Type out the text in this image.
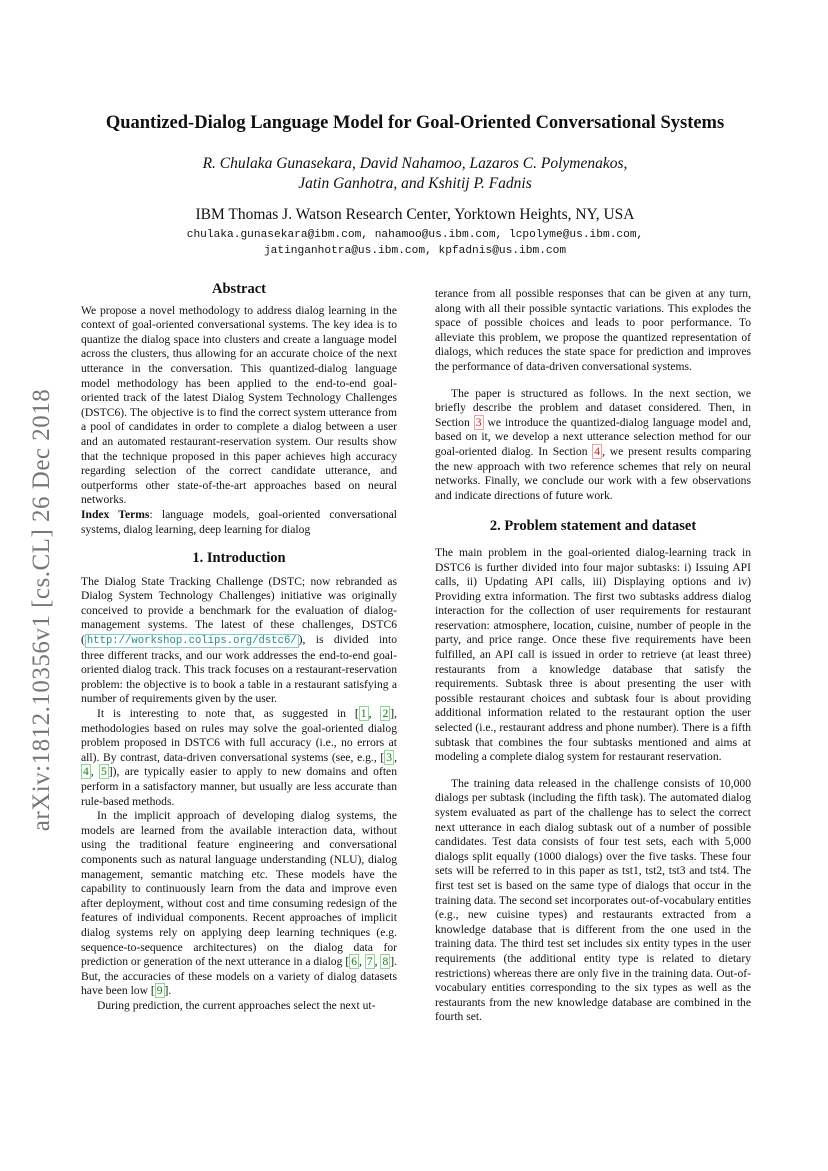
arXiv:1812.10356v1 [cs.CL] 26 Dec 2018
Quantized-Dialog Language Model for Goal-Oriented Conversational Systems
R. Chulaka Gunasekara, David Nahamoo, Lazaros C. Polymenakos,
Jatin Ganhotra, and Kshitij P. Fadnis
IBM Thomas J. Watson Research Center, Yorktown Heights, NY, USA
chulaka.gunasekara@ibm.com, nahamoo@us.ibm.com, lcpolyme@us.ibm.com,
jatinganhotra@us.ibm.com, kpfadnis@us.ibm.com
Abstract

We propose a novel methodology to address dialog learning in the context of goal-oriented conversational systems. The key idea is to quantize the dialog space into clusters and create a language model across the clusters, thus allowing for an accurate choice of the next utterance in the conversation. This quantized-dialog language model methodology has been applied to the end-to-end goal-oriented track of the latest Dialog System Technology Challenges (DSTC6). The objective is to find the correct system utterance from a pool of candidates in order to complete a dialog between a user and an automated restaurant-reservation system. Our results show that the technique proposed in this paper achieves high accuracy regarding selection of the correct candidate utterance, and outperforms other state-of-the-art approaches based on neural networks.

Index Terms: language models, goal-oriented conversational systems, dialog learning, deep learning for dialog

1. Introduction

The Dialog State Tracking Challenge (DSTC; now rebranded as Dialog System Technology Challenges) initiative was originally conceived to provide a benchmark for the evaluation of dialog-management systems. The latest of these challenges, DSTC6 ( http://workshop.colips.org/dstc6/ ), is divided into three different tracks, and our work addresses the end-to-end goal-oriented dialog track. This track focuses on a restaurant-reservation problem: the objective is to book a table in a restaurant satisfying a number of requirements given by the user.

It is interesting to note that, as suggested in [ 1 , 2 ], methodologies based on rules may solve the goal-oriented dialog problem proposed in DSTC6 with full accuracy (i.e., no errors at all). By contrast, data-driven conversational systems (see, e.g., [ 3 , 4 , 5 ]), are typically easier to apply to new domains and often perform in a satisfactory manner, but usually are less accurate than rule-based methods.

In the implicit approach of developing dialog systems, the models are learned from the available interaction data, without using the traditional feature engineering and conversational components such as natural language understanding (NLU), dialog management, semantic matching etc. These models have the capability to continuously learn from the data and improve even after deployment, without cost and time consuming redesign of the features of individual components. Recent approaches of implicit dialog systems rely on applying deep learning techniques (e.g. sequence-to-sequence architectures) on the dialog data for prediction or generation of the next utterance in a dialog [ 6 , 7 , 8 ]. But, the accuracies of these models on a variety of dialog datasets have been low [ 9 ].

During prediction, the current approaches select the next ut-

terance from all possible responses that can be given at any turn, along with all their possible syntactic variations. This explodes the space of possible choices and leads to poor performance. To alleviate this problem, we propose the quantized representation of dialogs, which reduces the state space for prediction and improves the performance of data-driven conversational systems.

The paper is structured as follows. In the next section, we briefly describe the problem and dataset considered. Then, in Section 3 we introduce the quantized-dialog language model and, based on it, we develop a next utterance selection method for our goal-oriented dialog. In Section 4 , we present results comparing the new approach with two reference schemes that rely on neural networks. Finally, we conclude our work with a few observations and indicate directions of future work.

2. Problem statement and dataset

The main problem in the goal-oriented dialog-learning track in DSTC6 is further divided into four major subtasks: i) Issuing API calls, ii) Updating API calls, iii) Displaying options and iv) Providing extra information. The first two subtasks address dialog interaction for the collection of user requirements for restaurant reservation: atmosphere, location, cuisine, number of people in the party, and price range. Once these five requirements have been fulfilled, an API call is issued in order to retrieve (at least three) restaurants from a knowledge database that satisfy the requirements. Subtask three is about presenting the user with possible restaurant choices and subtask four is about providing additional information related to the restaurant option the user selected (i.e., restaurant address and phone number). There is a fifth subtask that combines the four subtasks mentioned and aims at modeling a complete dialog system for restaurant reservation.

The training data released in the challenge consists of 10,000 dialogs per subtask (including the fifth task). The automated dialog system evaluated as part of the challenge has to select the correct next utterance in each dialog subtask out of a number of possible candidates. Test data consists of four test sets, each with 5,000 dialogs split equally (1000 dialogs) over the five tasks. These four sets will be referred to in this paper as tst1, tst2, tst3 and tst4. The first test set is based on the same type of dialogs that occur in the training data. The second set incorporates out-of-vocabulary entities (e.g., new cuisine types) and restaurants extracted from a knowledge database that is different from the one used in the training data. The third test set includes six entity types in the user requirements (the additional entity type is related to dietary restrictions) whereas there are only five in the training data. Out-of-vocabulary entities corresponding to the six types as well as the restaurants from the new knowledge database are combined in the fourth set.
